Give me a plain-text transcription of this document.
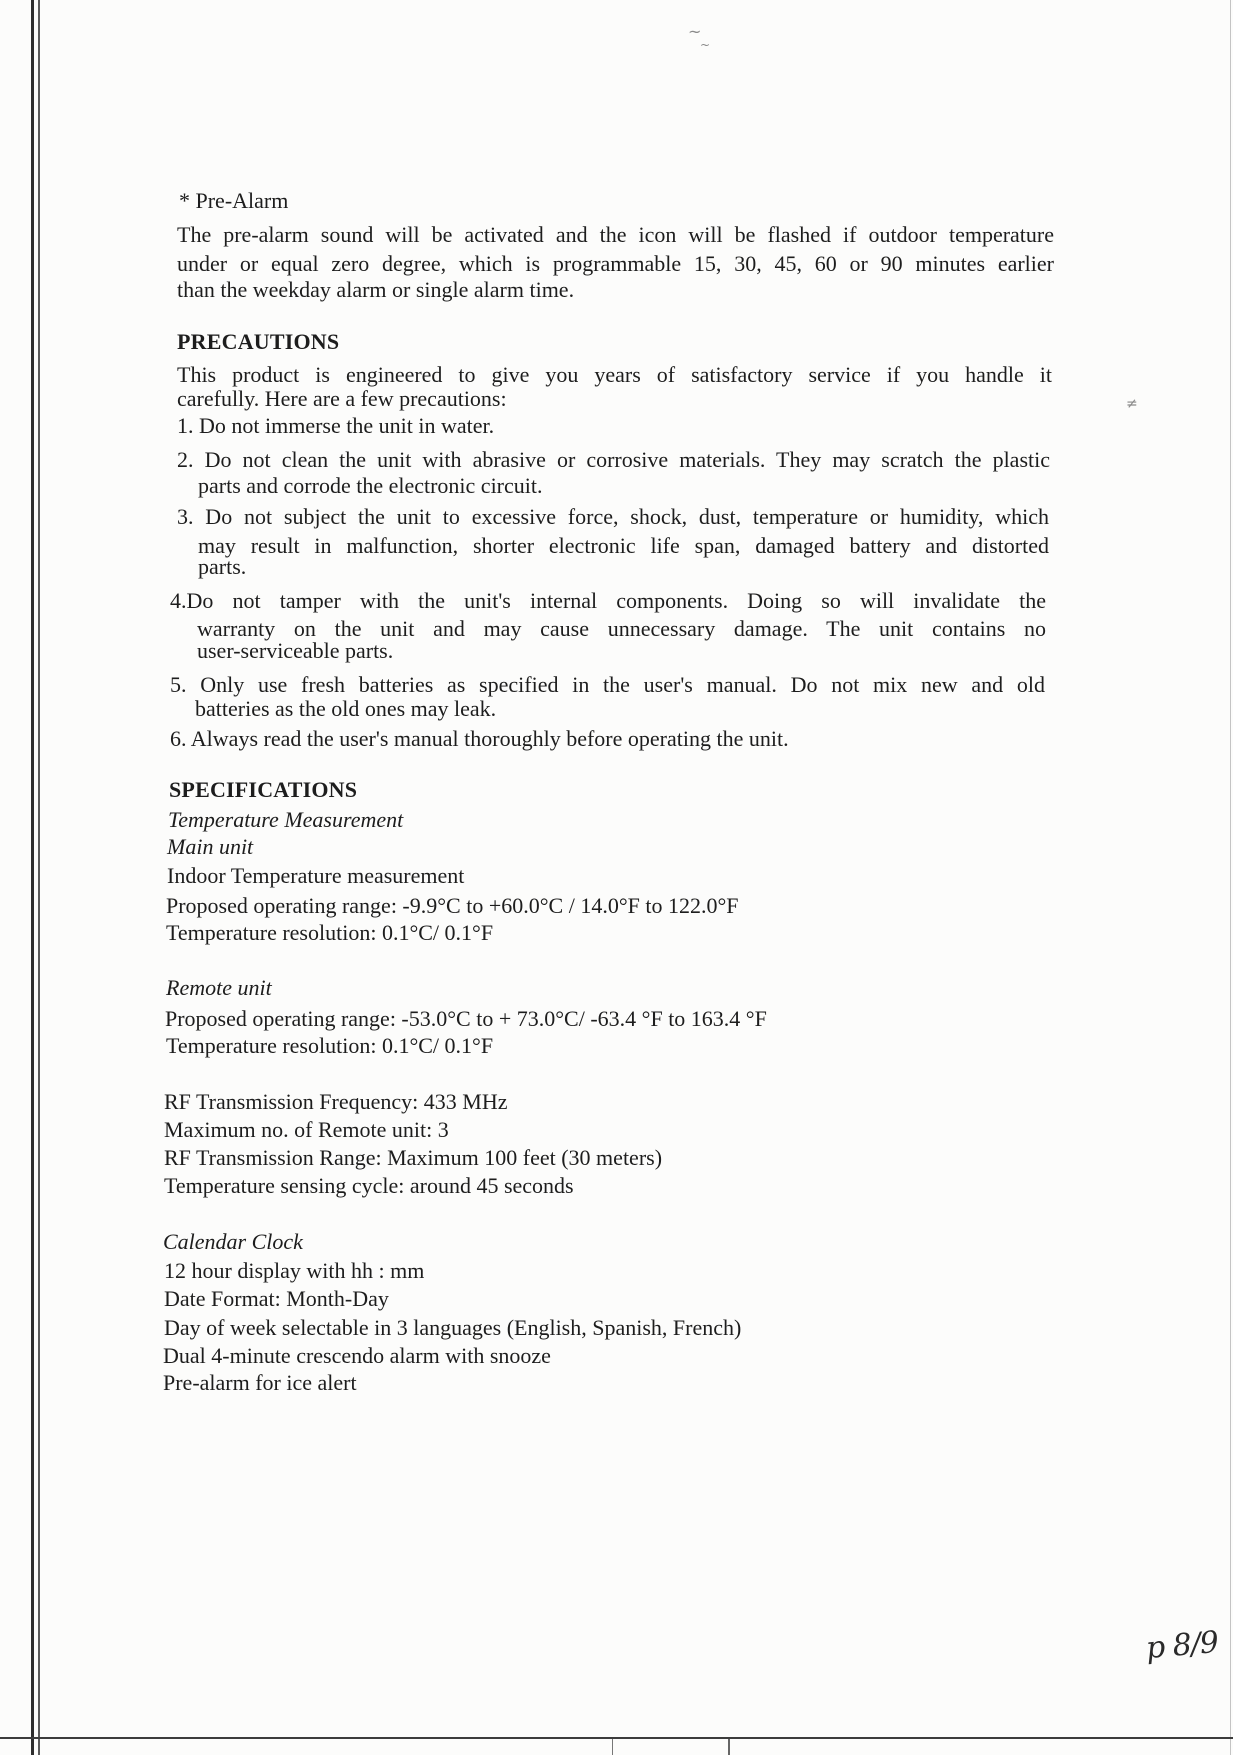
~
~
≠
* Pre-Alarm
The pre-alarm sound will be activated and the icon will be flashed if outdoor temperature
under or equal zero degree, which is programmable 15, 30, 45, 60 or 90 minutes earlier
than the weekday alarm or single alarm time.
PRECAUTIONS
This product is engineered to give you years of satisfactory service if you handle it
carefully. Here are a few precautions:
1. Do not immerse the unit in water.
2. Do not clean the unit with abrasive or corrosive materials. They may scratch the plastic
parts and corrode the electronic circuit.
3. Do not subject the unit to excessive force, shock, dust, temperature or humidity, which
may result in malfunction, shorter electronic life span, damaged battery and distorted
parts.
4.Do not tamper with the unit's internal components. Doing so will invalidate the
warranty on the unit and may cause unnecessary damage. The unit contains no
user-serviceable parts.
5. Only use fresh batteries as specified in the user's manual. Do not mix new and old
batteries as the old ones may leak.
6. Always read the user's manual thoroughly before operating the unit.
SPECIFICATIONS
Temperature Measurement
Main unit
Indoor Temperature measurement
Proposed operating range: -9.9°C to +60.0°C / 14.0°F to 122.0°F
Temperature resolution: 0.1°C/ 0.1°F
Remote unit
Proposed operating range: -53.0°C to + 73.0°C/ -63.4 °F to 163.4 °F
Temperature resolution: 0.1°C/ 0.1°F
RF Transmission Frequency: 433 MHz
Maximum no. of Remote unit: 3
RF Transmission Range: Maximum 100 feet (30 meters)
Temperature sensing cycle: around 45 seconds
Calendar Clock
12 hour display with hh : mm
Date Format: Month-Day
Day of week selectable in 3 languages (English, Spanish, French)
Dual 4-minute crescendo alarm with snooze
Pre-alarm for ice alert
p 8/9
